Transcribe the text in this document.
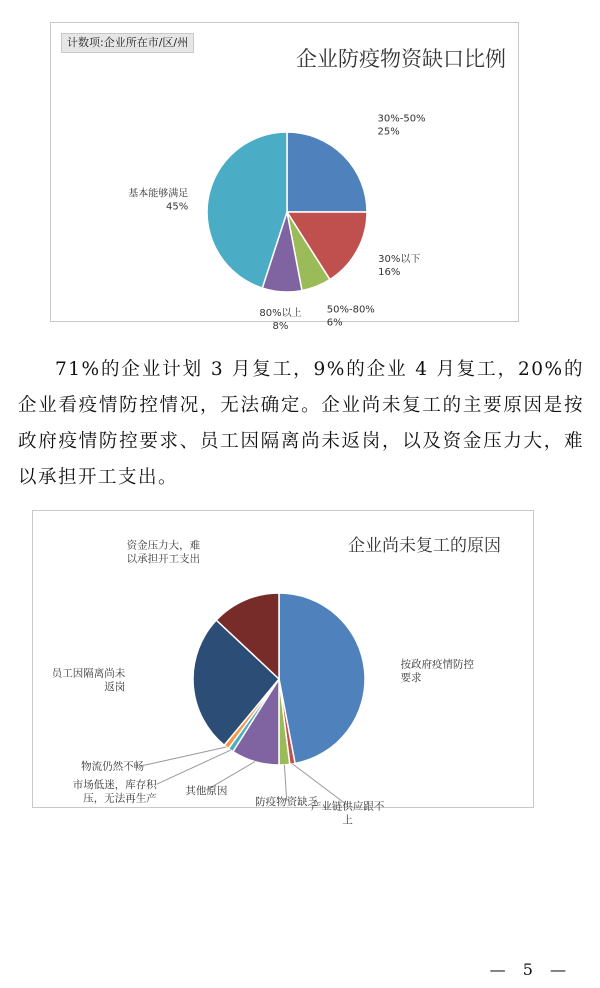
计数项:企业所在市/区/州
企业防疫物资缺口比例
30%-50% 25%
30%以下 16%
50%-80% 6%
80%以上 8%
基本能够满足 45%
71%的企业计划 3 月复工，9%的企业 4 月复工，20%的企业看疫情防控情况，无法确定。企业尚未复工的主要原因是按政府疫情防控要求、员工因隔离尚未返岗，以及资金压力大，难以承担开工支出。
企业尚未复工的原因
按政府疫情防控要求
产业链供应跟不上
防疫物资缺乏
其他原因
市场低迷，库存积压，无法再生产
物流仍然不畅
员工因隔离尚未返岗
资金压力大，难以承担开工支出
— 5 —
